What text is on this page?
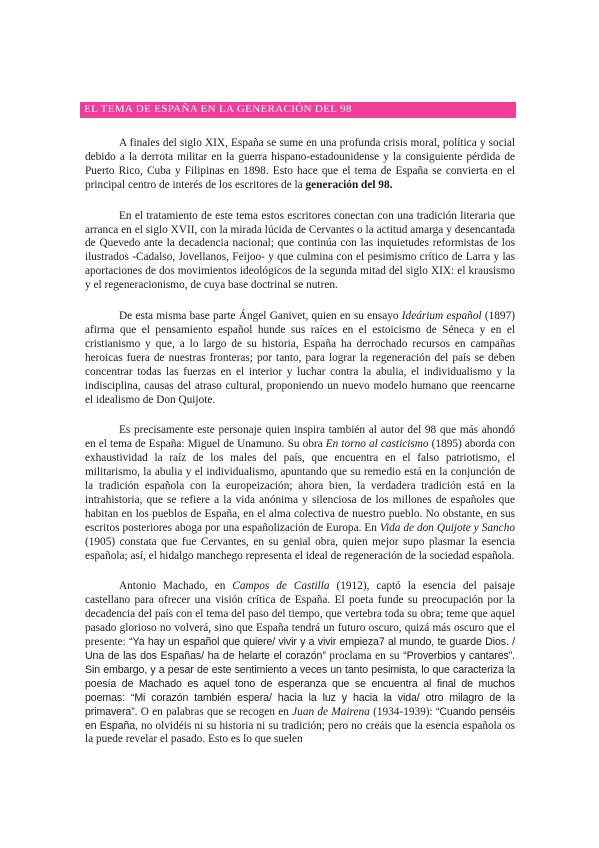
EL TEMA DE ESPAÑA EN LA GENERACIÓN DEL 98

A finales del siglo XIX, España se sume en una profunda crisis moral, política y social debido a la derrota militar en la guerra hispano-estadounidense y la consiguiente pérdida de Puerto Rico, Cuba y Filipinas en 1898. Esto hace que el tema de España se convierta en el principal centro de interés de los escritores de la generación del 98.

En el tratamiento de este tema estos escritores conectan con una tradición literaria que arranca en el siglo XVII, con la mirada lúcida de Cervantes o la actitud amarga y desencantada de Quevedo ante la decadencia nacional; que continúa con las inquietudes reformistas de los ilustrados -Cadalso, Jovellanos, Feijoo- y que culmina con el pesimismo crítico de Larra y las aportaciones de dos movimientos ideológicos de la segunda mitad del siglo XIX: el krausismo y el regeneracionismo, de cuya base doctrinal se nutren.

De esta misma base parte Ángel Ganivet, quien en su ensayo Ideárium español (1897) afirma que el pensamiento español hunde sus raíces en el estoicismo de Séneca y en el cristianismo y que, a lo largo de su historia, España ha derrochado recursos en campañas heroicas fuera de nuestras fronteras; por tanto, para lograr la regeneración del país se deben concentrar todas las fuerzas en el interior y luchar contra la abulia, el individualismo y la indisciplina, causas del atraso cultural, proponiendo un nuevo modelo humano que reencarne el idealismo de Don Quijote.

Es precisamente este personaje quien inspira también al autor del 98 que más ahondó en el tema de España: Miguel de Unamuno. Su obra En torno al casticismo (1895) aborda con exhaustividad la raíz de los males del país, que encuentra en el falso patriotismo, el militarismo, la abulia y el individualismo, apuntando que su remedio está en la conjunción de la tradición española con la europeización; ahora bien, la verdadera tradición está en la intrahistoria, que se refiere a la vida anónima y silenciosa de los millones de españoles que habitan en los pueblos de España, en el alma colectiva de nuestro pueblo. No obstante, en sus escritos posteriores aboga por una españolización de Europa. En Vida de don Quijote y Sancho (1905) constata que fue Cervantes, en su genial obra, quien mejor supo plasmar la esencia española; así, el hidalgo manchego representa el ideal de regeneración de la sociedad española.

Antonio Machado, en Campos de Castilla (1912), captó la esencia del paisaje castellano para ofrecer una visión crítica de España. El poeta funde su preocupación por la decadencia del país con el tema del paso del tiempo, que vertebra toda su obra; teme que aquel pasado glorioso no volverá, sino que España tendrá un futuro oscuro, quizá más oscuro que el presente: “Ya hay un español que quiere/ vivir y a vivir empieza7 al mundo, te guarde Dios. / Una de las dos Españas/ ha de helarte el corazón” proclama en su “Proverbios y cantares”. Sin embargo, y a pesar de este sentimiento a veces un tanto pesimista, lo que caracteriza la poesía de Machado es aquel tono de esperanza que se encuentra al final de muchos poemas: “Mi corazón también espera/ hacia la luz y hacia la vida/ otro milagro de la primavera”. O en palabras que se recogen en Juan de Mairena (1934-1939): “Cuando penséis en España, no olvidéis ni su historia ni su tradición; pero no creáis que la esencia española os la puede revelar el pasado. Esto es lo que suelen
